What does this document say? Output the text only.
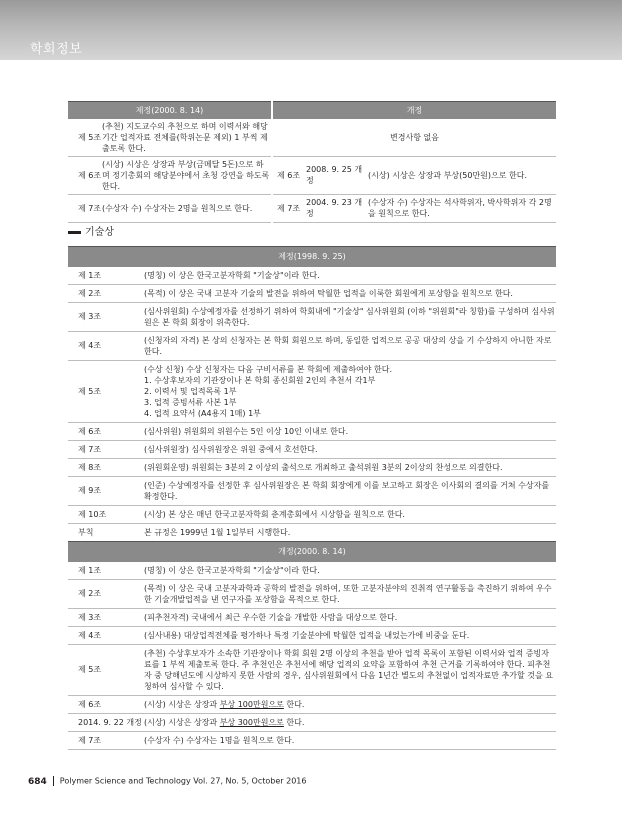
학회정보
제정(2000. 8. 14)		개정		
제 5조	(추천) 지도교수의 추천으로 하며 이력서와 해당기간 업적자료 전체를(학위논문 제외) 1 부씩 제출토록 한다.	변경사항 없음		
제 6조	(시상) 시상은 상장과 부상(금메달 5돈)으로 하며 정기총회의 해당분야에서 초청 강연을 하도록 한다.	제 6조	2008. 9. 25 개정	(시상) 시상은 상장과 부상(50만원)으로 한다.
제 7조	(수상자 수) 수상자는 2명을 원칙으로 한다.	제 7조	2004. 9. 23 개정	(수상자 수) 수상자는 석사학위자, 박사학위자 각 2명을 원칙으로 한다.
기술상
제정(1998. 9. 25)	
제 1조	(명칭) 이 상은 한국고분자학회 "기술상"이라 한다.
제 2조	(목적) 이 상은 국내 고분자 기술의 발전을 위하여 탁월한 업적을 이룩한 회원에게 포상함을 원칙으로 한다.
제 3조	(심사위원회) 수상예정자를 선정하기 위하여 학회내에 "기술상" 심사위원회 (이하 "위원회"라 칭함)를 구성하며 심사위원은 본 학회 회장이 위촉한다.
제 4조	(신청자의 자격) 본 상의 신청자는 본 학회 회원으로 하며, 동일한 업적으로 공공 대상의 상을 기 수상하지 아니한 자로 한다.
제 5조	(수상 신청) 수상 신청자는 다음 구비서류를 본 학회에 제출하여야 한다.
1. 수상후보자의 기관장이나 본 학회 종신회원 2인의 추천서 각1부
2. 이력서 및 업적목록 1부
3. 업적 증빙서류 사본 1부
4. 업적 요약서 (A4용지 1매) 1부

제 6조	(심사위원) 위원회의 위원수는 5인 이상 10인 이내로 한다.
제 7조	(심사위원장) 심사위원장은 위원 중에서 호선한다.
제 8조	(위원회운영) 위원회는 3분의 2 이상의 출석으로 개최하고 출석위원 3분의 2이상의 찬성으로 의결한다.
제 9조	(인준) 수상예정자를 선정한 후 심사위원장은 본 학회 회장에게 이를 보고하고 회장은 이사회의 결의를 거쳐 수상자를 확정한다.
제 10조	(시상) 본 상은 매년 한국고분자학회 춘계총회에서 시상함을 원칙으로 한다.
부칙	본 규정은 1999년 1월 1일부터 시행한다.
개정(2000. 8. 14)	
제 1조	(명칭) 이 상은 한국고분자학회 "기술상"이라 한다.
제 2조	(목적) 이 상은 국내 고분자과학과 공학의 발전을 위하여, 또한 고분자분야의 진취적 연구활동을 촉진하기 위하여 우수한 기술개발업적을 낸 연구자를 포상함을 목적으로 한다.
제 3조	(피추천자격) 국내에서 최근 우수한 기술을 개발한 사람을 대상으로 한다.
제 4조	(심사내용) 대상업적전체를 평가하나 특정 기술분야에 탁월한 업적을 내었는가에 비중을 둔다.
제 5조	(추천) 수상후보자가 소속한 기관장이나 학회 회원 2명 이상의 추천을 받아 업적 목록이 포함된 이력서와 업적 증빙자료를 1 부씩 제출토록 한다. 주 추천인은 추천서에 해당 업적의 요약을 포함하여 추천 근거를 기록하여야 한다. 피추천자 중 당해년도에 시상하지 못한 사람의 경우, 심사위원회에서 다음 1년간 별도의 추천없이 업적자료만 추가할 것을 요청하여 심사할 수 있다.
제 6조	(시상) 시상은 상장과 부상 100만원으로 한다.
2014. 9. 22 개정	(시상) 시상은 상장과 부상 300만원으로 한다.
제 7조	(수상자 수) 수상자는 1명을 원칙으로 한다.
684 Polymer Science and Technology Vol. 27, No. 5, October 2016
